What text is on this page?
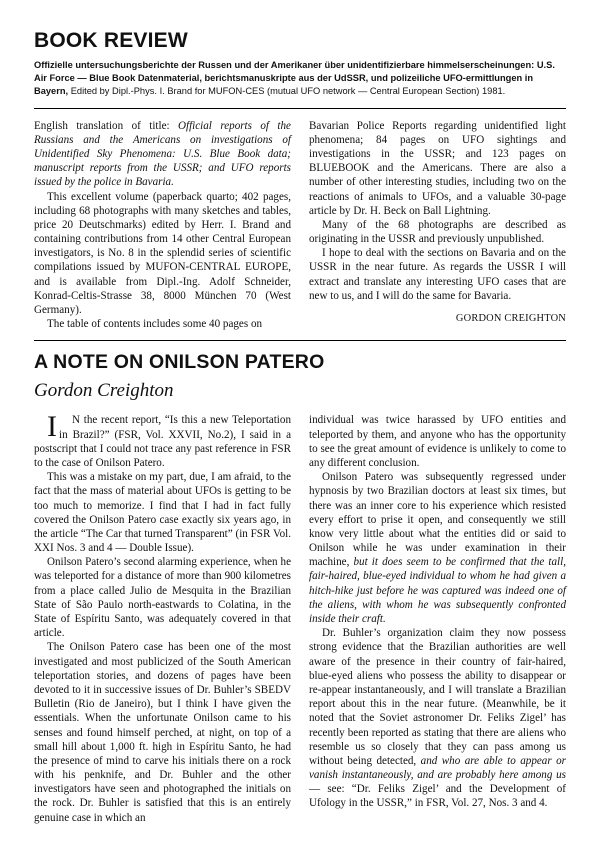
BOOK REVIEW
Offizielle untersuchungsberichte der Russen und der Amerikaner über unidentifizierbare himmelserscheinungen: U.S. Air Force — Blue Book Datenmaterial, berichtsmanuskripte aus der UdSSR, und polizeiliche UFO-ermittlungen in Bayern, Edited by Dipl.-Phys. I. Brand for MUFON-CES (mutual UFO network — Central European Section) 1981.

English translation of title: Official reports of the Russians and the Americans on investigations of Unidentified Sky Phenomena: U.S. Blue Book data; manuscript reports from the USSR; and UFO reports issued by the police in Bavaria.

This excellent volume (paperback quarto; 402 pages, including 68 photographs with many sketches and tables, price 20 Deutschmarks) edited by Herr. I. Brand and containing contributions from 14 other Central European investigators, is No. 8 in the splendid series of scientific compilations issued by MUFON-CENTRAL EUROPE, and is available from Dipl.-Ing. Adolf Schneider, Konrad-Celtis-Strasse 38, 8000 München 70 (West Germany).

The table of contents includes some 40 pages on

Bavarian Police Reports regarding unidentified light phenomena; 84 pages on UFO sightings and investigations in the USSR; and 123 pages on BLUEBOOK and the Americans. There are also a number of other interesting studies, including two on the reactions of animals to UFOs, and a valuable 30-page article by Dr. H. Beck on Ball Lightning.

Many of the 68 photographs are described as originating in the USSR and previously unpublished.

I hope to deal with the sections on Bavaria and on the USSR in the near future. As regards the USSR I will extract and translate any interesting UFO cases that are new to us, and I will do the same for Bavaria.

GORDON CREIGHTON
A NOTE ON ONILSON PATERO
Gordon Creighton

I N the recent report, “Is this a new Teleportation in Brazil?” (FSR, Vol. XXVII, No.2), I said in a postscript that I could not trace any past reference in FSR to the case of Onilson Patero.

This was a mistake on my part, due, I am afraid, to the fact that the mass of material about UFOs is getting to be too much to memorize. I find that I had in fact fully covered the Onilson Patero case exactly six years ago, in the article “The Car that turned Transparent” (in FSR Vol. XXI Nos. 3 and 4 — Double Issue).

Onilson Patero’s second alarming experience, when he was teleported for a distance of more than 900 kilometres from a place called Julio de Mesquita in the Brazilian State of São Paulo north-eastwards to Colatina, in the State of Espíritu Santo, was adequately covered in that article.

The Onilson Patero case has been one of the most investigated and most publicized of the South American teleportation stories, and dozens of pages have been devoted to it in successive issues of Dr. Buhler’s SBEDV Bulletin (Rio de Janeiro), but I think I have given the essentials. When the unfortunate Onilson came to his senses and found himself perched, at night, on top of a small hill about 1,000 ft. high in Espíritu Santo, he had the presence of mind to carve his initials there on a rock with his penknife, and Dr. Buhler and the other investigators have seen and photographed the initials on the rock. Dr. Buhler is satisfied that this is an entirely genuine case in which an

individual was twice harassed by UFO entities and teleported by them, and anyone who has the opportunity to see the great amount of evidence is unlikely to come to any different conclusion.

Onilson Patero was subsequently regressed under hypnosis by two Brazilian doctors at least six times, but there was an inner core to his experience which resisted every effort to prise it open, and consequently we still know very little about what the entities did or said to Onilson while he was under examination in their machine, but it does seem to be confirmed that the tall, fair-haired, blue-eyed individual to whom he had given a hitch-hike just before he was captured was indeed one of the aliens, with whom he was subsequently confronted inside their craft.

Dr. Buhler’s organization claim they now possess strong evidence that the Brazilian authorities are well aware of the presence in their country of fair-haired, blue-eyed aliens who possess the ability to disappear or re-appear instantaneously, and I will translate a Brazilian report about this in the near future. (Meanwhile, be it noted that the Soviet astronomer Dr. Feliks Zigel’ has recently been reported as stating that there are aliens who resemble us so closely that they can pass among us without being detected, and who are able to appear or vanish instantaneously, and are probably here among us — see: “Dr. Feliks Zigel’ and the Development of Ufology in the USSR,” in FSR, Vol. 27, Nos. 3 and 4.
